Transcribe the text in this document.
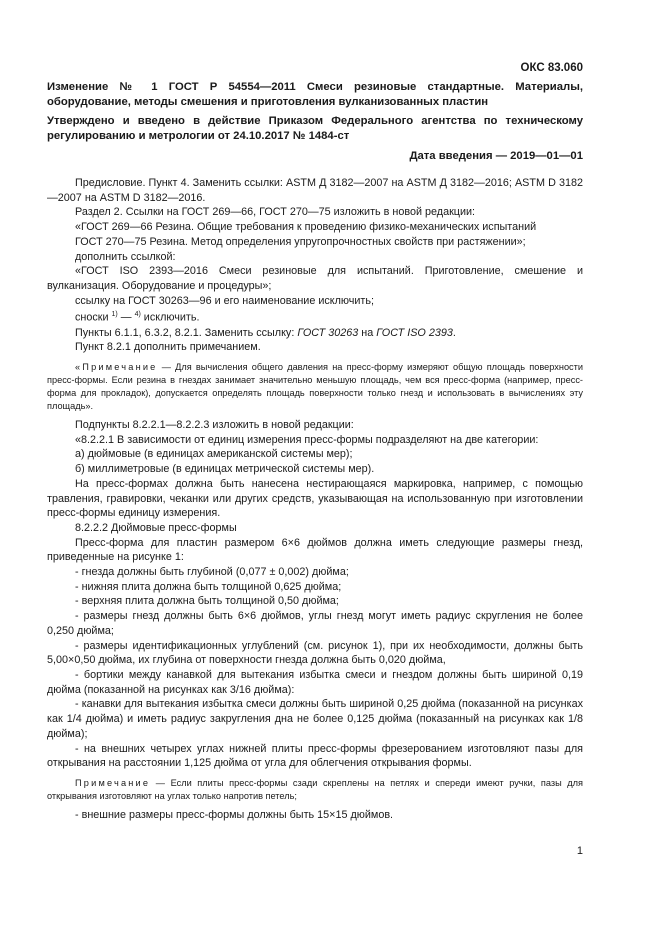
ОКС 83.060
Изменение № 1 ГОСТ Р 54554—2011 Смеси резиновые стандартные. Материалы, оборудование, методы смешения и приготовления вулканизованных пластин
Утверждено и введено в действие Приказом Федерального агентства по техническому регулированию и метрологии от 24.10.2017 № 1484-ст
Дата введения — 2019—01—01

Предисловие. Пункт 4. Заменить ссылки: ASTM Д 3182—2007 на ASTM Д 3182—2016; ASTM D 3182—2007 на ASTM D 3182—2016.

Раздел 2. Ссылки на ГОСТ 269—66, ГОСТ 270—75 изложить в новой редакции:

«ГОСТ 269—66 Резина. Общие требования к проведению физико-механических испытаний

ГОСТ 270—75 Резина. Метод определения упругопрочностных свойств при растяжении»;

дополнить ссылкой:

«ГОСТ ISO 2393—2016 Смеси резиновые для испытаний. Приготовление, смешение и вулканизация. Оборудование и процедуры»;

ссылку на ГОСТ 30263—96 и его наименование исключить;

сноски $^{1)}$ — $^{4)}$ исключить.

Пункты 6.1.1, 6.3.2, 8.2.1. Заменить ссылку: ГОСТ 30263 на ГОСТ ISO 2393.

Пункт 8.2.1 дополнить примечанием.

«Примечание — Для вычисления общего давления на пресс-форму измеряют общую площадь поверхности пресс-формы. Если резина в гнездах занимает значительно меньшую площадь, чем вся пресс-форма (например, пресс-форма для прокладок), допускается определять площадь поверхности только гнезд и использовать в вычислениях эту площадь».

Подпункты 8.2.2.1—8.2.2.3 изложить в новой редакции:

«8.2.2.1 В зависимости от единиц измерения пресс-формы подразделяют на две категории:

а) дюймовые (в единицах американской системы мер);

б) миллиметровые (в единицах метрической системы мер).

На пресс-формах должна быть нанесена нестирающаяся маркировка, например, с помощью травления, гравировки, чеканки или других средств, указывающая на использованную при изготовлении пресс-формы единицу измерения.

8.2.2.2 Дюймовые пресс-формы

Пресс-форма для пластин размером 6×6 дюймов должна иметь следующие размеры гнезд, приведенные на рисунке 1:

- гнезда должны быть глубиной (0,077 ± 0,002) дюйма;

- нижняя плита должна быть толщиной 0,625 дюйма;

- верхняя плита должна быть толщиной 0,50 дюйма;

- размеры гнезд должны быть 6×6 дюймов, углы гнезд могут иметь радиус скругления не более 0,250 дюйма;

- размеры идентификационных углублений (см. рисунок 1), при их необходимости, должны быть 5,00×0,50 дюйма, их глубина от поверхности гнезда должна быть 0,020 дюйма,

- бортики между канавкой для вытекания избытка смеси и гнездом должны быть шириной 0,19 дюйма (показанной на рисунках как 3/16 дюйма):

- канавки для вытекания избытка смеси должны быть шириной 0,25 дюйма (показанной на рисунках как 1/4 дюйма) и иметь радиус закругления дна не более 0,125 дюйма (показанный на рисунках как 1/8 дюйма);

- на внешних четырех углах нижней плиты пресс-формы фрезерованием изготовляют пазы для открывания на расстоянии 1,125 дюйма от угла для облегчения открывания формы.

Примечание — Если плиты пресс-формы сзади скреплены на петлях и спереди имеют ручки, пазы для открывания изготовляют на углах только напротив петель;

- внешние размеры пресс-формы должны быть 15×15 дюймов.

1
